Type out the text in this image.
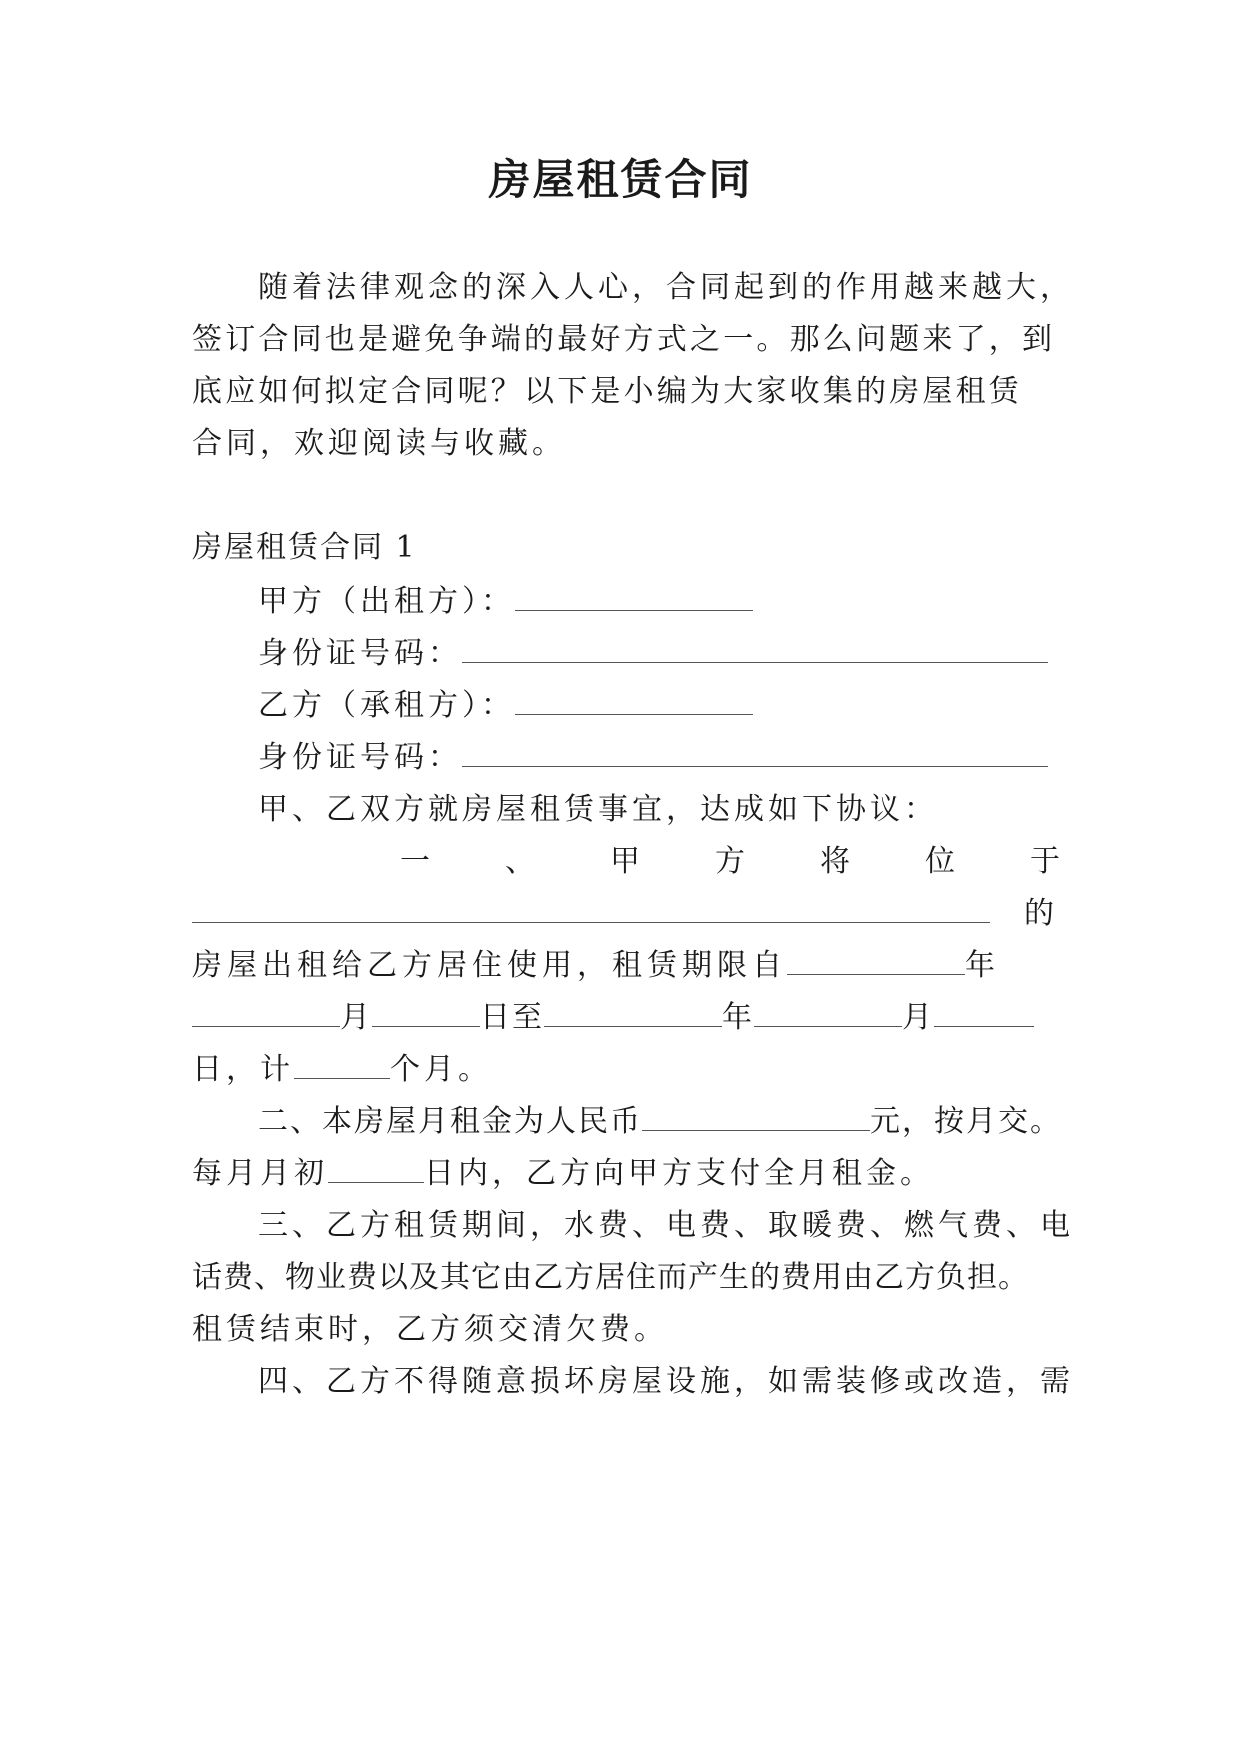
房屋租赁合同
随着法律观念的深入人心，合同起到的作用越来越大，
签订合同也是避免争端的最好方式之一。那么问题来了，到
底应如何拟定合同呢？以下是小编为大家收集的房屋租赁
合同，欢迎阅读与收藏。
房屋租赁合同 1
甲方（出租方）：
身份证号码：
乙方（承租方）：
身份证号码：
甲、乙双方就房屋租赁事宜，达成如下协议：
一	、	甲	方	将	位	于
的
房屋出租给乙方居住使用，租赁期限自	年
月	日至	年	月
日，计	个月。
二、本房屋月租金为人民币	元，按月交。
每月月初	日内，乙方向甲方支付全月租金。
三、乙方租赁期间，水费、电费、取暖费、燃气费、电
话费、物业费以及其它由乙方居住而产生的费用由乙方负担。
租赁结束时，乙方须交清欠费。
四、乙方不得随意损坏房屋设施，如需装修或改造，需
